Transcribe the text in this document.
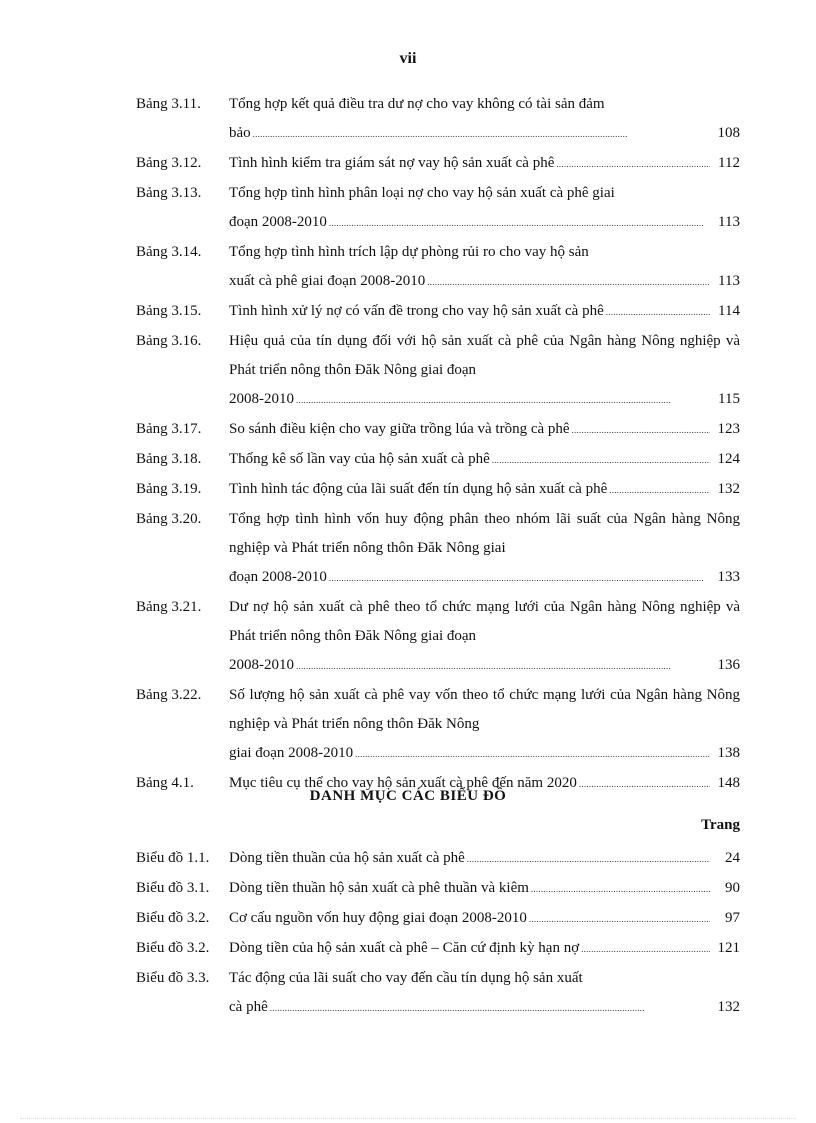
vii
Bảng 3.11. Tổng hợp kết quả điều tra dư nợ cho vay không có tài sản đảm
bảo . . .	108
Bảng 3.12. Tình hình kiểm tra giám sát nợ vay hộ sản xuất cà phê . . .	112
Bảng 3.13. Tổng hợp tình hình phân loại nợ cho vay hộ sản xuất cà phê giai
đoạn 2008-2010 . . .	113
Bảng 3.14. Tổng hợp tình hình trích lập dự phòng rủi ro cho vay hộ sản
xuất cà phê giai đoạn 2008-2010 . . .	113
Bảng 3.15. Tình hình xử lý nợ có vấn đề trong cho vay hộ sản xuất cà phê . . .	114
Bảng 3.16. Hiệu quả của tín dụng đối với hộ sản xuất cà phê của Ngân hàng Nông nghiệp và Phát triển nông thôn Đăk Nông giai đoạn
2008-2010 . . .	115
Bảng 3.17. So sánh điều kiện cho vay giữa trồng lúa và trồng cà phê . . .	123
Bảng 3.18. Thống kê số lần vay của hộ sản xuất cà phê . . .	124
Bảng 3.19. Tình hình tác động của lãi suất đến tín dụng hộ sản xuất cà phê . . .	132
Bảng 3.20. Tổng hợp tình hình vốn huy động phân theo nhóm lãi suất của Ngân hàng Nông nghiệp và Phát triển nông thôn Đăk Nông giai
đoạn 2008-2010 . . .	133
Bảng 3.21. Dư nợ hộ sản xuất cà phê theo tổ chức mạng lưới của Ngân hàng Nông nghiệp và Phát triển nông thôn Đăk Nông giai đoạn
2008-2010 . . .	136
Bảng 3.22. Số lượng hộ sản xuất cà phê vay vốn theo tổ chức mạng lưới của Ngân hàng Nông nghiệp và Phát triển nông thôn Đăk Nông
giai đoạn 2008-2010 . . .	138
Bảng 4.1. Mục tiêu cụ thể cho vay hộ sản xuất cà phê đến năm 2020 . . .	148
DANH MỤC CÁC BIỂU ĐỒ
Trang
Biểu đồ 1.1. Dòng tiền thuần của hộ sản xuất cà phê . . .	24
Biểu đồ 3.1. Dòng tiền thuần hộ sản xuất cà phê thuần và kiêm . . .	90
Biểu đồ 3.2. Cơ cấu nguồn vốn huy động giai đoạn 2008-2010 . . .	97
Biểu đồ 3.2. Dòng tiền của hộ sản xuất cà phê – Căn cứ định kỳ hạn nợ . . .	121
Biểu đồ 3.3. Tác động của lãi suất cho vay đến cầu tín dụng hộ sản xuất
cà phê . . .	132
